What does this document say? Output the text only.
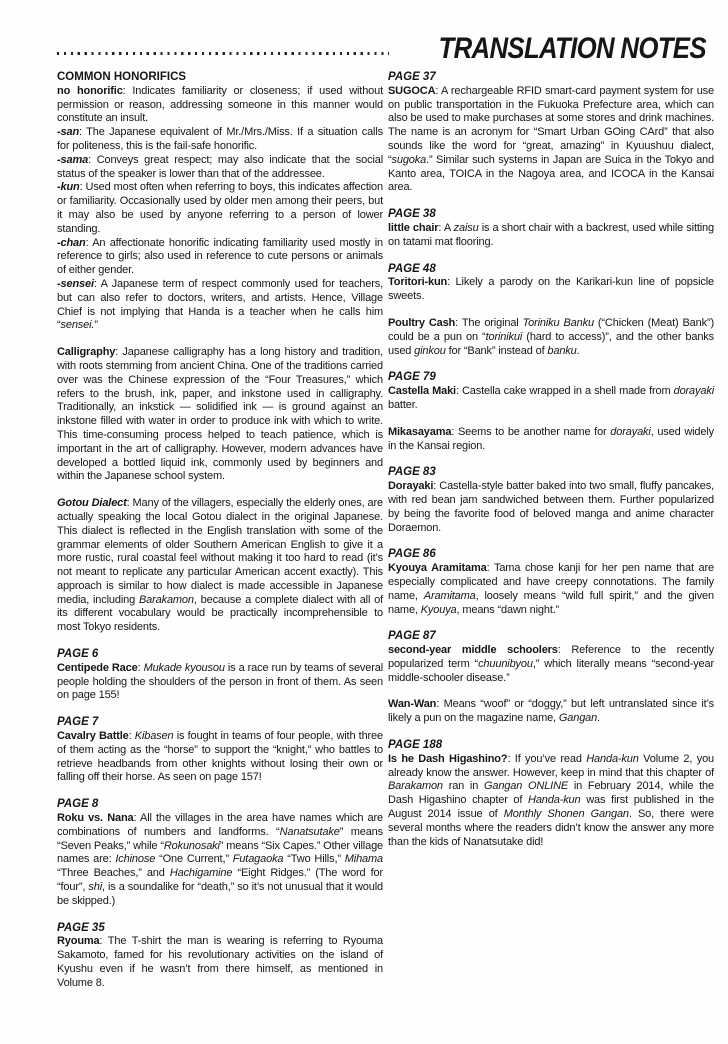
TRANSLATION NOTES
COMMON HONORIFICS

no honorific: Indicates familiarity or closeness; if used without permission or reason, addressing someone in this manner would constitute an insult.

-san: The Japanese equivalent of Mr./Mrs./Miss. If a situation calls for politeness, this is the fail-safe honorific.

-sama: Conveys great respect; may also indicate that the social status of the speaker is lower than that of the addressee.

-kun: Used most often when referring to boys, this indicates affection or familiarity. Occasionally used by older men among their peers, but it may also be used by anyone referring to a person of lower standing.

-chan: An affectionate honorific indicating familiarity used mostly in reference to girls; also used in reference to cute persons or animals of either gender.

-sensei: A Japanese term of respect commonly used for teachers, but can also refer to doctors, writers, and artists. Hence, Village Chief is not implying that Handa is a teacher when he calls him “sensei.”

Calligraphy: Japanese calligraphy has a long history and tradition, with roots stemming from ancient China. One of the traditions carried over was the Chinese expression of the “Four Treasures,” which refers to the brush, ink, paper, and inkstone used in calligraphy. Traditionally, an inkstick — solidified ink — is ground against an inkstone filled with water in order to produce ink with which to write. This time-consuming process helped to teach patience, which is important in the art of calligraphy. However, modern advances have developed a bottled liquid ink, commonly used by beginners and within the Japanese school system.

Gotou Dialect: Many of the villagers, especially the elderly ones, are actually speaking the local Gotou dialect in the original Japanese. This dialect is reflected in the English translation with some of the grammar elements of older Southern American English to give it a more rustic, rural coastal feel without making it too hard to read (it’s not meant to replicate any particular American accent exactly). This approach is similar to how dialect is made accessible in Japanese media, including Barakamon, because a complete dialect with all of its different vocabulary would be practically incomprehensible to most Tokyo residents.

PAGE 6

Centipede Race: Mukade kyousou is a race run by teams of several people holding the shoulders of the person in front of them. As seen on page 155!

PAGE 7

Cavalry Battle: Kibasen is fought in teams of four people, with three of them acting as the “horse” to support the “knight,” who battles to retrieve headbands from other knights without losing their own or falling off their horse. As seen on page 157!

PAGE 8

Roku vs. Nana: All the villages in the area have names which are combinations of numbers and landforms. “Nanatsutake” means “Seven Peaks,” while “Rokunosaki” means “Six Capes.” Other village names are: Ichinose “One Current,” Futagaoka “Two Hills,” Mihama “Three Beaches,” and Hachigamine “Eight Ridges.” (The word for “four”, shi, is a soundalike for “death,” so it’s not unusual that it would be skipped.)

PAGE 35

Ryouma: The T-shirt the man is wearing is referring to Ryouma Sakamoto, famed for his revolutionary activities on the island of Kyushu even if he wasn’t from there himself, as mentioned in Volume 8.

PAGE 37

SUGOCA: A rechargeable RFID smart-card payment system for use on public transportation in the Fukuoka Prefecture area, which can also be used to make purchases at some stores and drink machines. The name is an acronym for “Smart Urban GOing CArd” that also sounds like the word for “great, amazing” in Kyuushuu dialect, “sugoka.” Similar such systems in Japan are Suica in the Tokyo and Kanto area, TOICA in the Nagoya area, and ICOCA in the Kansai area.

PAGE 38

little chair: A zaisu is a short chair with a backrest, used while sitting on tatami mat flooring.

PAGE 48

Toritori-kun: Likely a parody on the Karikari-kun line of popsicle sweets.

Poultry Cash: The original Toriniku Banku (“Chicken (Meat) Bank”) could be a pun on “torinikui (hard to access)”, and the other banks used ginkou for “Bank” instead of banku.

PAGE 79

Castella Maki: Castella cake wrapped in a shell made from dorayaki batter.

Mikasayama: Seems to be another name for dorayaki, used widely in the Kansai region.

PAGE 83

Dorayaki: Castella-style batter baked into two small, fluffy pancakes, with red bean jam sandwiched between them. Further popularized by being the favorite food of beloved manga and anime character Doraemon.

PAGE 86

Kyouya Aramitama: Tama chose kanji for her pen name that are especially complicated and have creepy connotations. The family name, Aramitama, loosely means “wild full spirit,” and the given name, Kyouya, means “dawn night.”

PAGE 87

second-year middle schoolers: Reference to the recently popularized term “chuunibyou,” which literally means “second-year middle-schooler disease.”

Wan-Wan: Means “woof” or “doggy,” but left untranslated since it’s likely a pun on the magazine name, Gangan.

PAGE 188

Is he Dash Higashino?: If you’ve read Handa-kun Volume 2, you already know the answer. However, keep in mind that this chapter of Barakamon ran in Gangan ONLINE in February 2014, while the Dash Higashino chapter of Handa-kun was first published in the August 2014 issue of Monthly Shonen Gangan. So, there were several months where the readers didn’t know the answer any more than the kids of Nanatsutake did!
